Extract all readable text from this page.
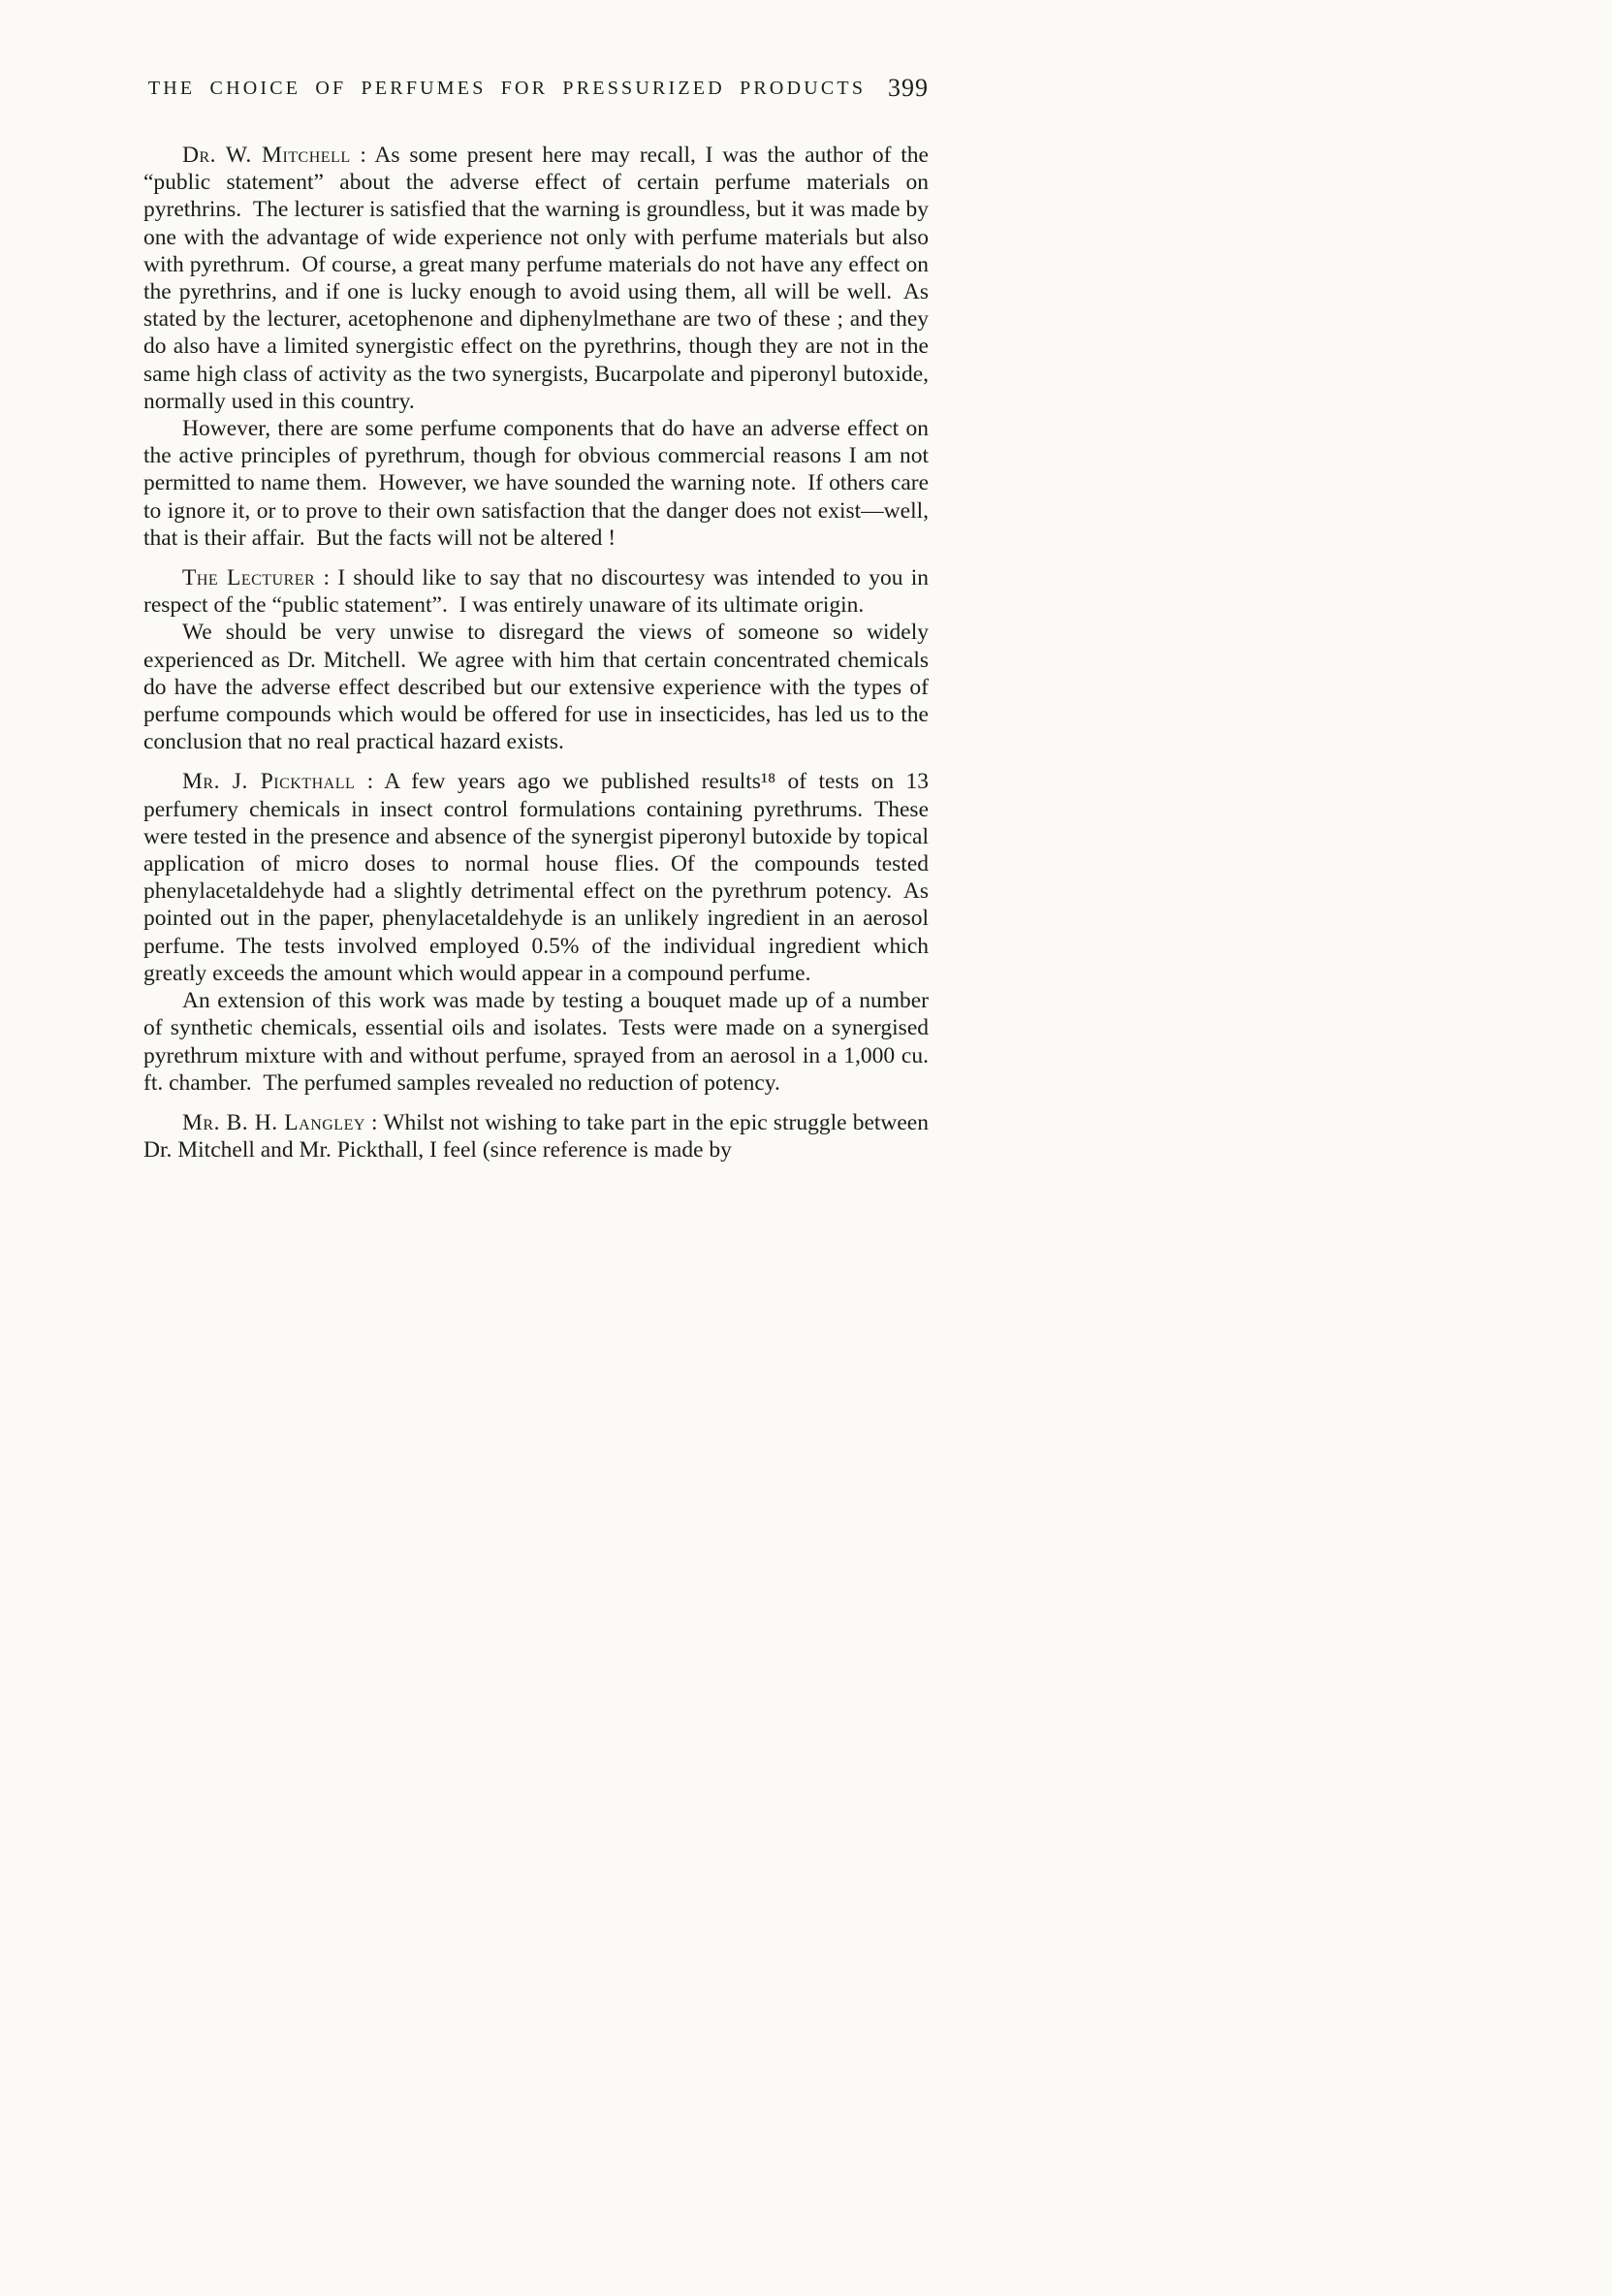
THE CHOICE OF PERFUMES FOR PRESSURIZED PRODUCTS 399

Dr. W. Mitchell : As some present here may recall, I was the author of the “public statement” about the adverse effect of certain perfume materials on pyrethrins. The lecturer is satisfied that the warning is groundless, but it was made by one with the advantage of wide experience not only with perfume materials but also with pyrethrum. Of course, a great many perfume materials do not have any effect on the pyrethrins, and if one is lucky enough to avoid using them, all will be well. As stated by the lecturer, acetophenone and diphenylmethane are two of these ; and they do also have a limited synergistic effect on the pyrethrins, though they are not in the same high class of activity as the two synergists, Bucarpolate and piperonyl butoxide, normally used in this country.

However, there are some perfume components that do have an adverse effect on the active principles of pyrethrum, though for obvious commercial reasons I am not permitted to name them. However, we have sounded the warning note. If others care to ignore it, or to prove to their own satisfaction that the danger does not exist—well, that is their affair. But the facts will not be altered !

The Lecturer : I should like to say that no discourtesy was intended to you in respect of the “public statement”. I was entirely unaware of its ultimate origin.

We should be very unwise to disregard the views of someone so widely experienced as Dr. Mitchell. We agree with him that certain concentrated chemicals do have the adverse effect described but our extensive experience with the types of perfume compounds which would be offered for use in insecticides, has led us to the conclusion that no real practical hazard exists.

Mr. J. Pickthall : A few years ago we published results¹⁸ of tests on 13 perfumery chemicals in insect control formulations containing pyrethrums. These were tested in the presence and absence of the synergist piperonyl butoxide by topical application of micro doses to normal house flies. Of the compounds tested phenylacetaldehyde had a slightly detrimental effect on the pyrethrum potency. As pointed out in the paper, phenylacetaldehyde is an unlikely ingredient in an aerosol perfume. The tests involved employed 0.5% of the individual ingredient which greatly exceeds the amount which would appear in a compound perfume.

An extension of this work was made by testing a bouquet made up of a number of synthetic chemicals, essential oils and isolates. Tests were made on a synergised pyrethrum mixture with and without perfume, sprayed from an aerosol in a 1,000 cu. ft. chamber. The perfumed samples revealed no reduction of potency.

Mr. B. H. Langley : Whilst not wishing to take part in the epic struggle between Dr. Mitchell and Mr. Pickthall, I feel (since reference is made by
